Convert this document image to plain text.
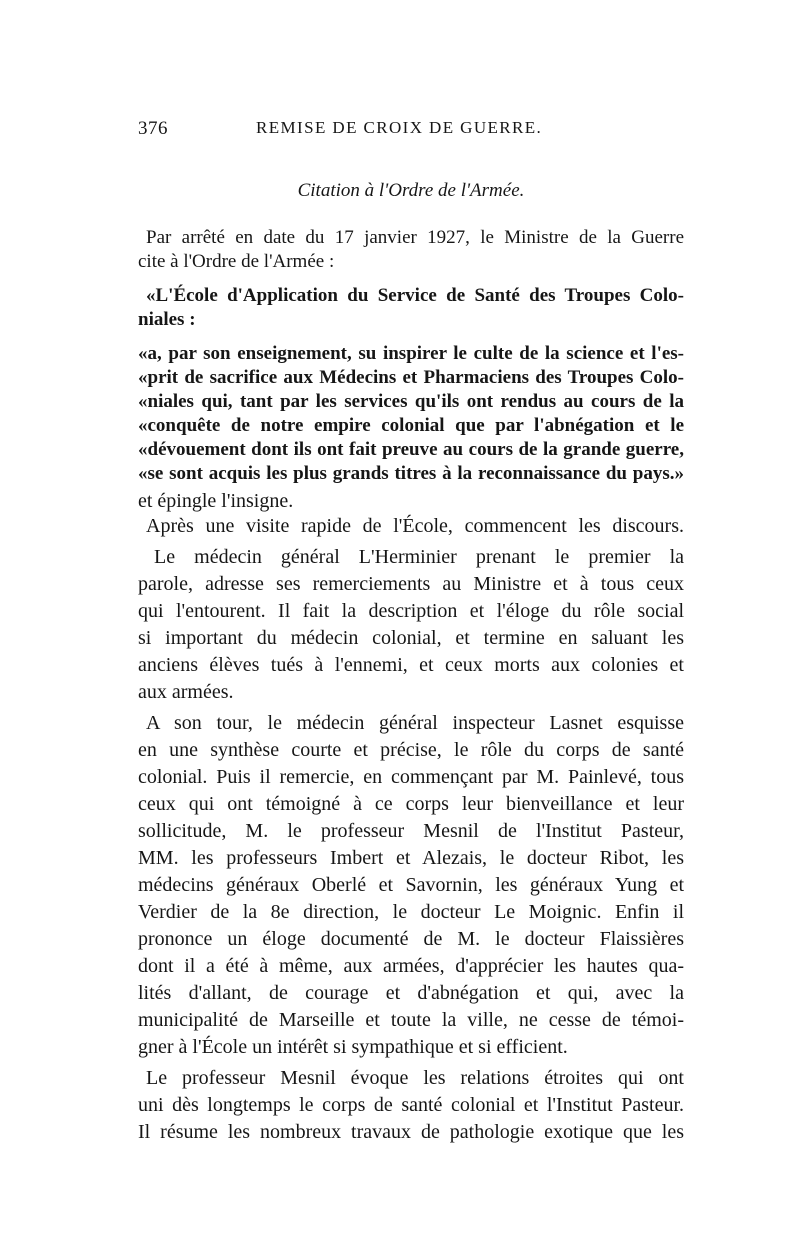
376	REMISE DE CROIX DE GUERRE.
Citation à l'Ordre de l'Armée.
Par arrêté en date du 17 janvier 1927, le Ministre de la Guerre
cite à l'Ordre de l'Armée :
«L'École d'Application du Service de Santé des Troupes Colo-
niales :
«a, par son enseignement, su inspirer le culte de la science et l'es-
«prit de sacrifice aux Médecins et Pharmaciens des Troupes Colo-
«niales qui, tant par les services qu'ils ont rendus au cours de la
«conquête de notre empire colonial que par l'abnégation et le
«dévouement dont ils ont fait preuve au cours de la grande guerre,
«se sont acquis les plus grands titres à la reconnaissance du pays.»
et épingle l'insigne.
Après une visite rapide de l'École, commencent les discours.
Le médecin général L'Herminier prenant le premier la
parole, adresse ses remerciements au Ministre et à tous ceux
qui l'entourent. Il fait la description et l'éloge du rôle social
si important du médecin colonial, et termine en saluant les
anciens élèves tués à l'ennemi, et ceux morts aux colonies et
aux armées.
A son tour, le médecin général inspecteur Lasnet esquisse
en une synthèse courte et précise, le rôle du corps de santé
colonial. Puis il remercie, en commençant par M. Painlevé, tous
ceux qui ont témoigné à ce corps leur bienveillance et leur
sollicitude, M. le professeur Mesnil de l'Institut Pasteur,
MM. les professeurs Imbert et Alezais, le docteur Ribot, les
médecins généraux Oberlé et Savornin, les généraux Yung et
Verdier de la 8e direction, le docteur Le Moignic. Enfin il
prononce un éloge documenté de M. le docteur Flaissières
dont il a été à même, aux armées, d'apprécier les hautes qua-
lités d'allant, de courage et d'abnégation et qui, avec la
municipalité de Marseille et toute la ville, ne cesse de témoi-
gner à l'École un intérêt si sympathique et si efficient.
Le professeur Mesnil évoque les relations étroites qui ont
uni dès longtemps le corps de santé colonial et l'Institut Pasteur.
Il résume les nombreux travaux de pathologie exotique que les
